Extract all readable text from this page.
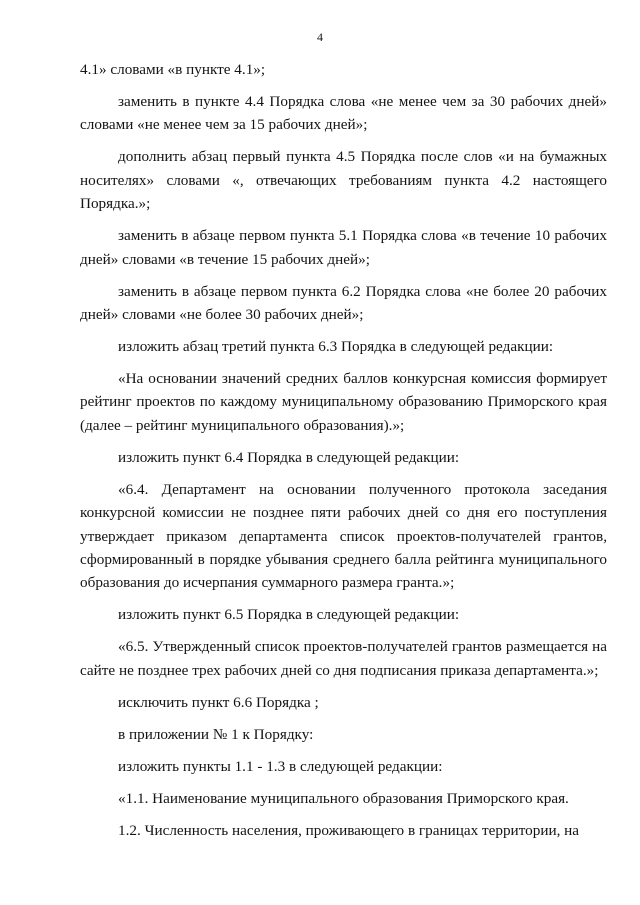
4

4.1» словами «в пункте 4.1»;

заменить в пункте 4.4 Порядка слова «не менее чем за 30 рабочих дней» словами «не менее чем за 15 рабочих дней»;

дополнить абзац первый пункта 4.5 Порядка после слов «и на бумажных носителях» словами «, отвечающих требованиям пункта 4.2 настоящего Порядка.»;

заменить в абзаце первом пункта 5.1 Порядка слова «в течение 10 рабочих дней» словами «в течение 15 рабочих дней»;

заменить в абзаце первом пункта 6.2 Порядка слова «не более 20 рабочих дней» словами «не более 30 рабочих дней»;

изложить абзац третий пункта 6.3 Порядка в следующей редакции:

«На основании значений средних баллов конкурсная комиссия формирует рейтинг проектов по каждому муниципальному образованию Приморского края (далее – рейтинг муниципального образования).»;

изложить пункт 6.4 Порядка в следующей редакции:

«6.4. Департамент на основании полученного протокола заседания конкурсной комиссии не позднее пяти рабочих дней со дня его поступления утверждает приказом департамента список проектов-получателей грантов, сформированный в порядке убывания среднего балла рейтинга муниципального образования до исчерпания суммарного размера гранта.»;

изложить пункт 6.5 Порядка в следующей редакции:

«6.5. Утвержденный список проектов-получателей грантов размещается на сайте не позднее трех рабочих дней со дня подписания приказа департамента.»;

исключить пункт 6.6 Порядка ;

в приложении № 1 к Порядку:

изложить пункты 1.1 - 1.3 в следующей редакции:

«1.1. Наименование муниципального образования Приморского края.

1.2. Численность населения, проживающего в границах территории, на
